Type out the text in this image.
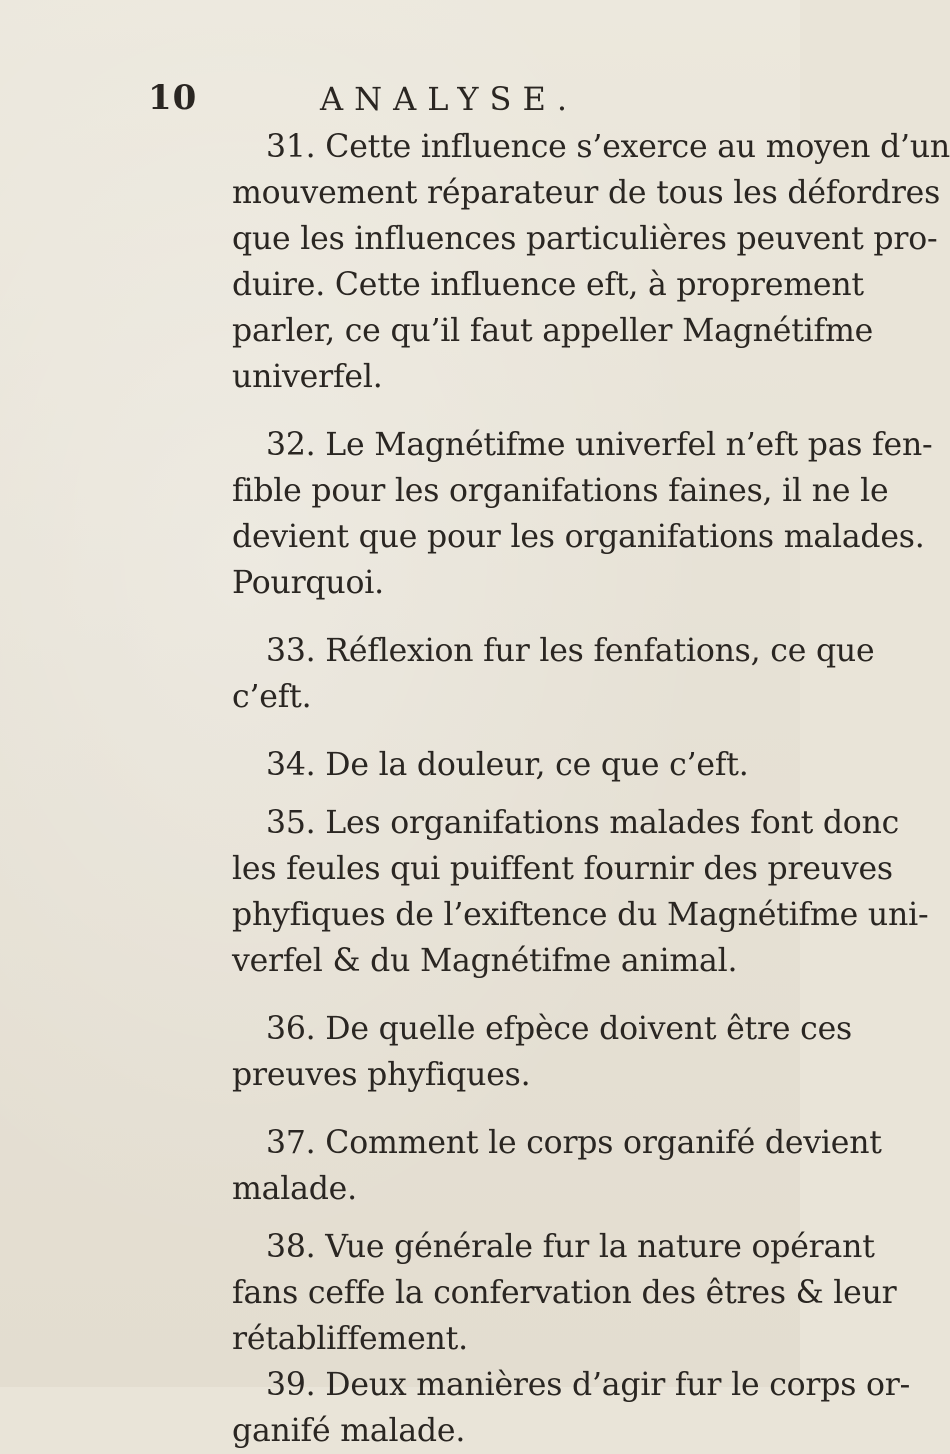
10	ANALYSE.
31. Cette influence s’exerce au moyen d’un
mouvement réparateur de tous les défordres
que les influences particulières peuvent pro-
duire. Cette influence eft, à proprement
parler, ce qu’il faut appeller Magnétifme
univerfel.
32. Le Magnétifme univerfel n’eft pas fen-
fible pour les organifations faines, il ne le
devient que pour les organifations malades.
Pourquoi.
33. Réflexion fur les fenfations, ce que
c’eft.
34. De la douleur, ce que c’eft.
35. Les organifations malades font donc
les feules qui puiffent fournir des preuves
phyfiques de l’exiftence du Magnétifme uni-
verfel & du Magnétifme animal.
36. De quelle efpèce doivent être ces
preuves phyfiques.
37. Comment le corps organifé devient
malade.
38. Vue générale fur la nature opérant
fans ceffe la confervation des êtres & leur
rétabliffement.
39. Deux manières d’agir fur le corps or-
ganifé malade.
